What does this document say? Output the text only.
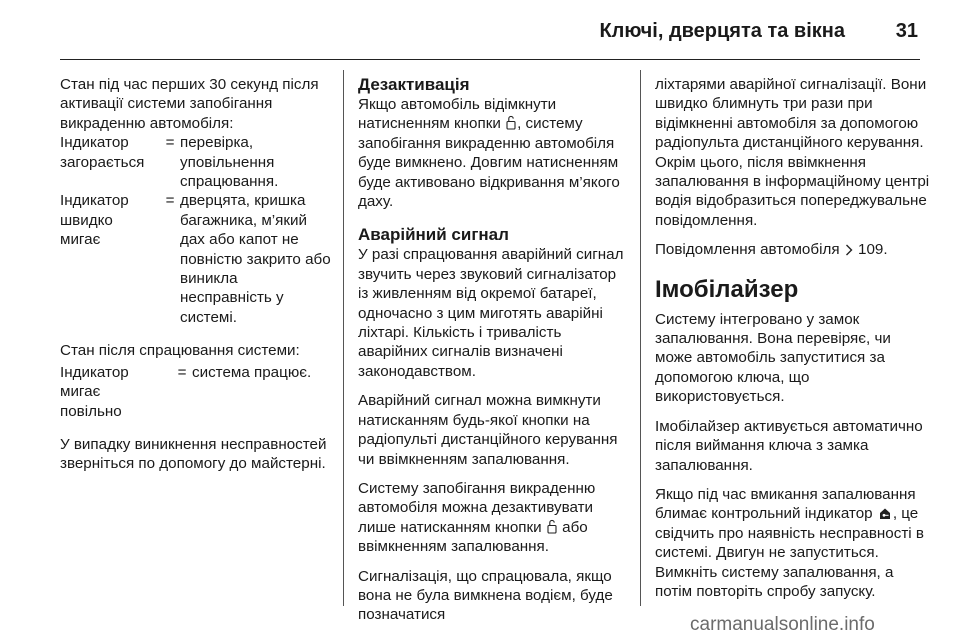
Ключі, дверцята та вікна	31

Стан під час перших 30 секунд після активації системи запобігання викраденню автомобіля:

Індикатор
загорається
= перевірка, уповільнення спрацювання.
Індикатор
швидко
мигає
= дверцята, кришка багажника, м’який дах або капот не повністю закрито або виникла несправність у системі.

Стан після спрацювання системи:

Індикатор
мигає
повільно
= система працює.

У випадку виникнення несправностей зверніться по допомогу до майстерні.

Дезактивація

Якщо автомобіль відімкнути натисненням кнопки , систему запобігання викраденню автомобіля буде вимкнено. Довгим натисненням буде активовано відкривання м’якого даху.

Аварійний сигнал

У разі спрацювання аварійний сигнал звучить через звуковий сигналізатор із живленням від окремої батареї, одночасно з цим миготять аварійні ліхтарі. Кількість і тривалість аварійних сигналів визначені законодавством.

Аварійний сигнал можна вимкнути натисканням будь-якої кнопки на радіопульті дистанційного керування чи ввімкненням запалювання.

Систему запобігання викраденню автомобіля можна дезактивувати лише натисканням кнопки або ввімкненням запалювання.

Сигналізація, що спрацювала, якщо вона не була вимкнена водієм, буде позначатися

ліхтарями аварійної сигналізації. Вони швидко блимнуть три рази при відімкненні автомобіля за допомогою радіопульта дистанційного керування. Окрім цього, після ввімкнення запалювання в інформаційному центрі водія відобразиться попереджувальне повідомлення.

Повідомлення автомобіля 109.

Імобілайзер

Систему інтегровано у замок запалювання. Вона перевіряє, чи може автомобіль запуститися за допомогою ключа, що використовується.

Імобілайзер активується автоматично після виймання ключа з замка запалювання.

Якщо під час вмикання запалювання блимає контрольний індикатор , це свідчить про наявність несправності в системі. Двигун не запуститься. Вимкніть систему запалювання, а потім повторіть спробу запуску.

carmanualsonline.info
